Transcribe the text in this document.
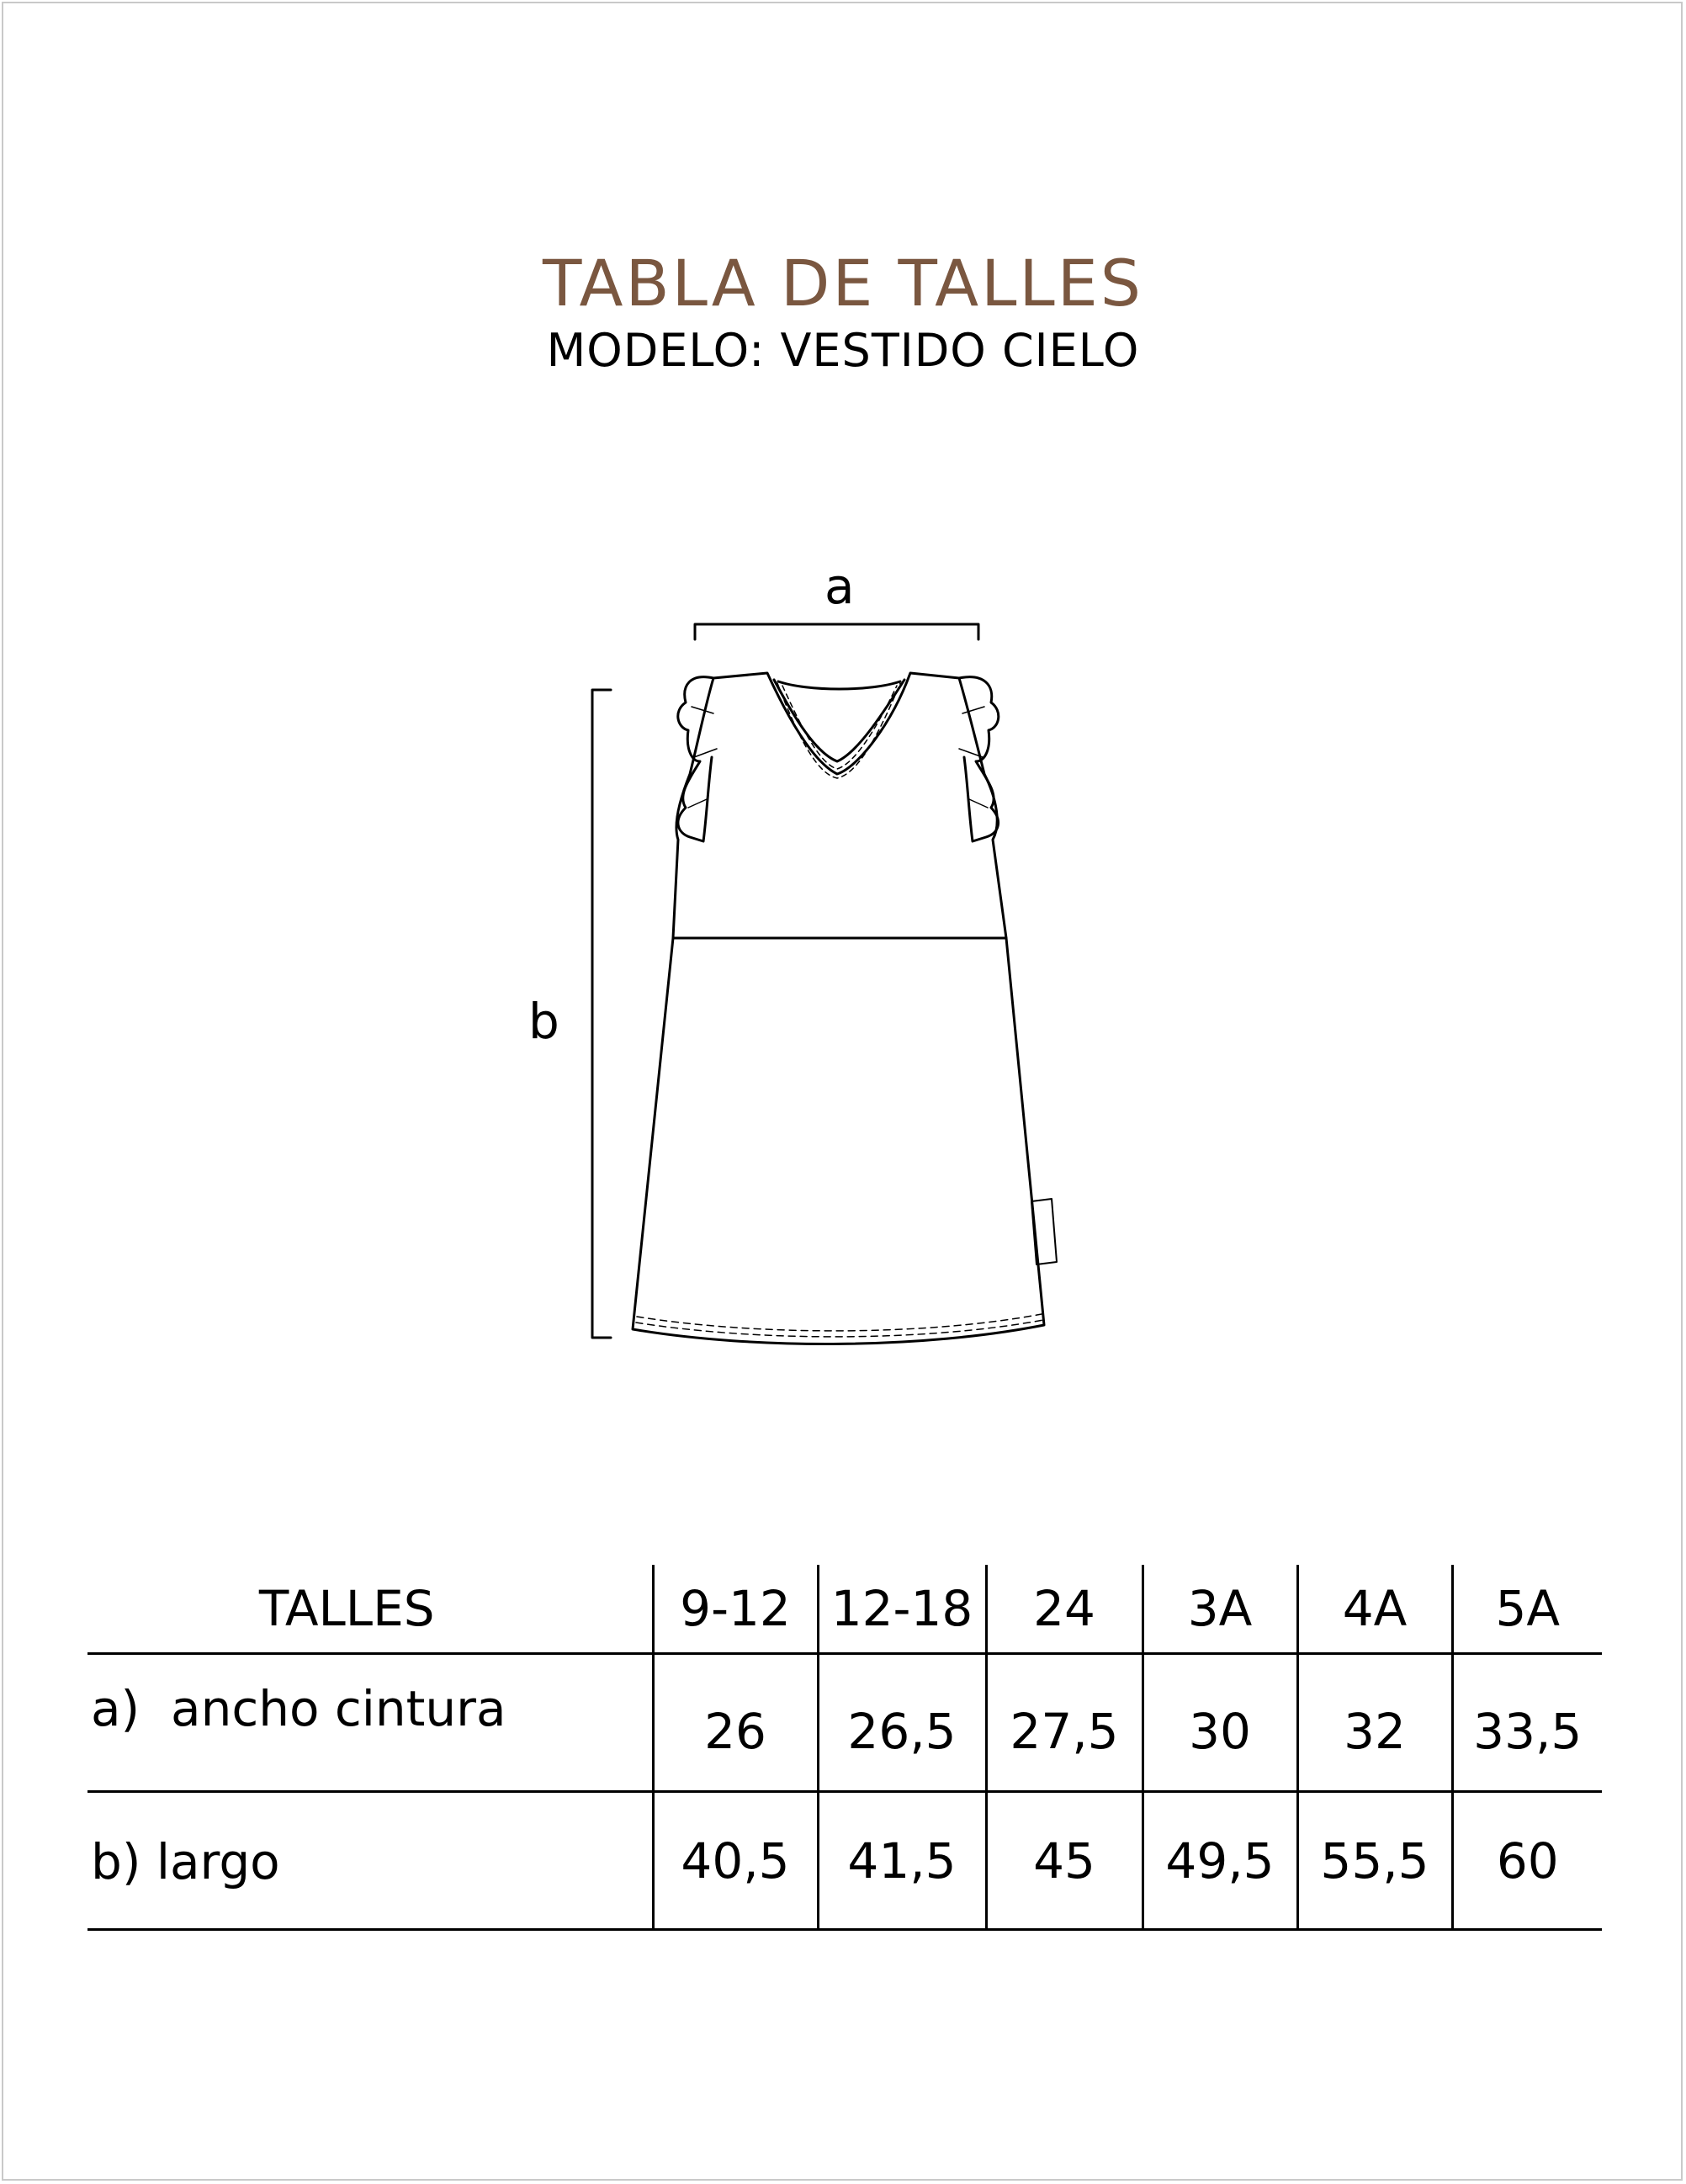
TABLA DE TALLES
MODELO: VESTIDO CIELO
a
b
TALLES	9-12	12-18	24	3A	4A	5A
a)  ancho cintura	26	26,5	27,5	30	32	33,5
b) largo	40,5	41,5	45	49,5	55,5	60
